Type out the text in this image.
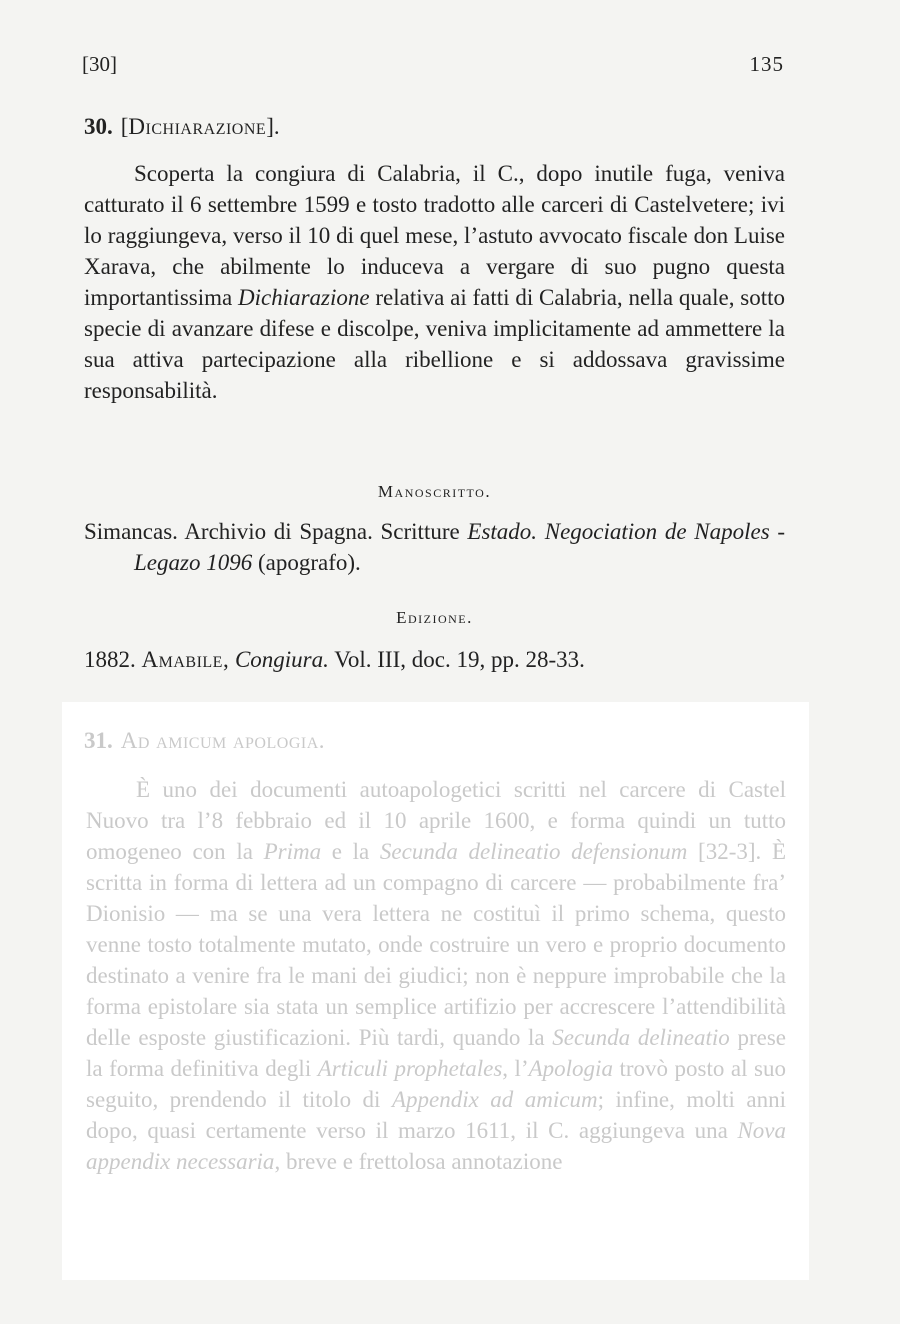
[30]	135
30. [Dichiarazione].

Scoperta la congiura di Calabria, il C., dopo inutile fuga, veniva catturato il 6 settembre 1599 e tosto tradotto alle carceri di Castelvetere; ivi lo raggiungeva, verso il 10 di quel mese, l’astuto avvocato fiscale don Luise Xarava, che abilmente lo induceva a vergare di suo pugno questa importantissima Dichiarazione relativa ai fatti di Calabria, nella quale, sotto specie di avanzare difese e discolpe, veniva implicitamente ad ammettere la sua attiva partecipazione alla ribellione e si addossava gravissime responsabilità.

Manoscritto.

Simancas. Archivio di Spagna. Scritture Estado. Negociation de Napoles - Legazo 1096 (apografo).

Edizione.

1882. Amabile, Congiura. Vol. III, doc. 19, pp. 28-33.

31. Ad amicum apologia.

È uno dei documenti autoapologetici scritti nel carcere di Castel Nuovo tra l’8 febbraio ed il 10 aprile 1600, e forma quindi un tutto omogeneo con la Prima e la Secunda delineatio defensionum [32-3]. È scritta in forma di lettera ad un compagno di carcere — probabilmente fra’ Dionisio — ma se una vera lettera ne costituì il primo schema, questo venne tosto totalmente mutato, onde costruire un vero e proprio documento destinato a venire fra le mani dei giudici; non è neppure improbabile che la forma epistolare sia stata un semplice artifizio per accrescere l’attendibilità delle esposte giustificazioni. Più tardi, quando la Secunda delineatio prese la forma definitiva degli Articuli prophetales, l’Apologia trovò posto al suo seguito, prendendo il titolo di Appendix ad amicum; infine, molti anni dopo, quasi certamente verso il marzo 1611, il C. aggiungeva una Nova appendix necessaria, breve e frettolosa annotazione
